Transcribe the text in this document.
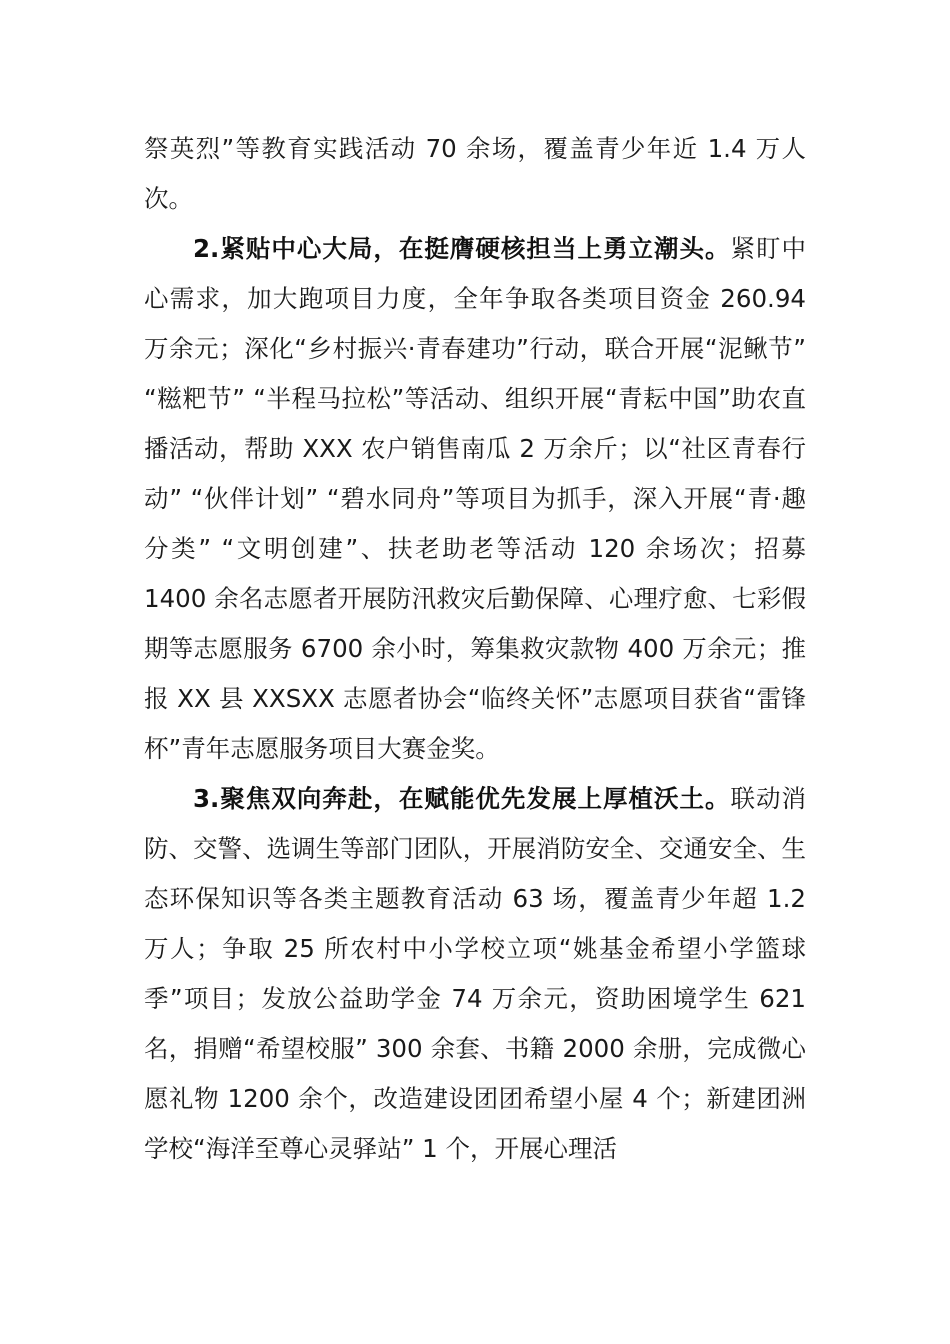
祭英烈”等教育实践活动 70 余场，覆盖青少年近 1.4 万人次。

2.紧贴中心大局，在挺膺硬核担当上勇立潮头。紧盯中心需求，加大跑项目力度，全年争取各类项目资金 260.94 万余元；深化“乡村振兴·青春建功”行动，联合开展“泥鳅节” “糍粑节” “半程马拉松”等活动、组织开展“青耘中国”助农直播活动，帮助 XXX 农户销售南瓜 2 万余斤；以“社区青春行动” “伙伴计划” “碧水同舟”等项目为抓手，深入开展“青·趣分类” “文明创建”、扶老助老等活动 120 余场次；招募 1400 余名志愿者开展防汛救灾后勤保障、心理疗愈、七彩假期等志愿服务 6700 余小时，筹集救灾款物 400 万余元；推报 XX 县 XXSXX 志愿者协会“临终关怀”志愿项目获省“雷锋杯”青年志愿服务项目大赛金奖。

3.聚焦双向奔赴，在赋能优先发展上厚植沃土。联动消防、交警、选调生等部门团队，开展消防安全、交通安全、生态环保知识等各类主题教育活动 63 场，覆盖青少年超 1.2 万人；争取 25 所农村中小学校立项“姚基金希望小学篮球季”项目；发放公益助学金 74 万余元，资助困境学生 621 名，捐赠“希望校服” 300 余套、书籍 2000 余册，完成微心愿礼物 1200 余个，改造建设团团希望小屋 4 个；新建团洲学校“海洋至尊心灵驿站” 1 个，开展心理活
